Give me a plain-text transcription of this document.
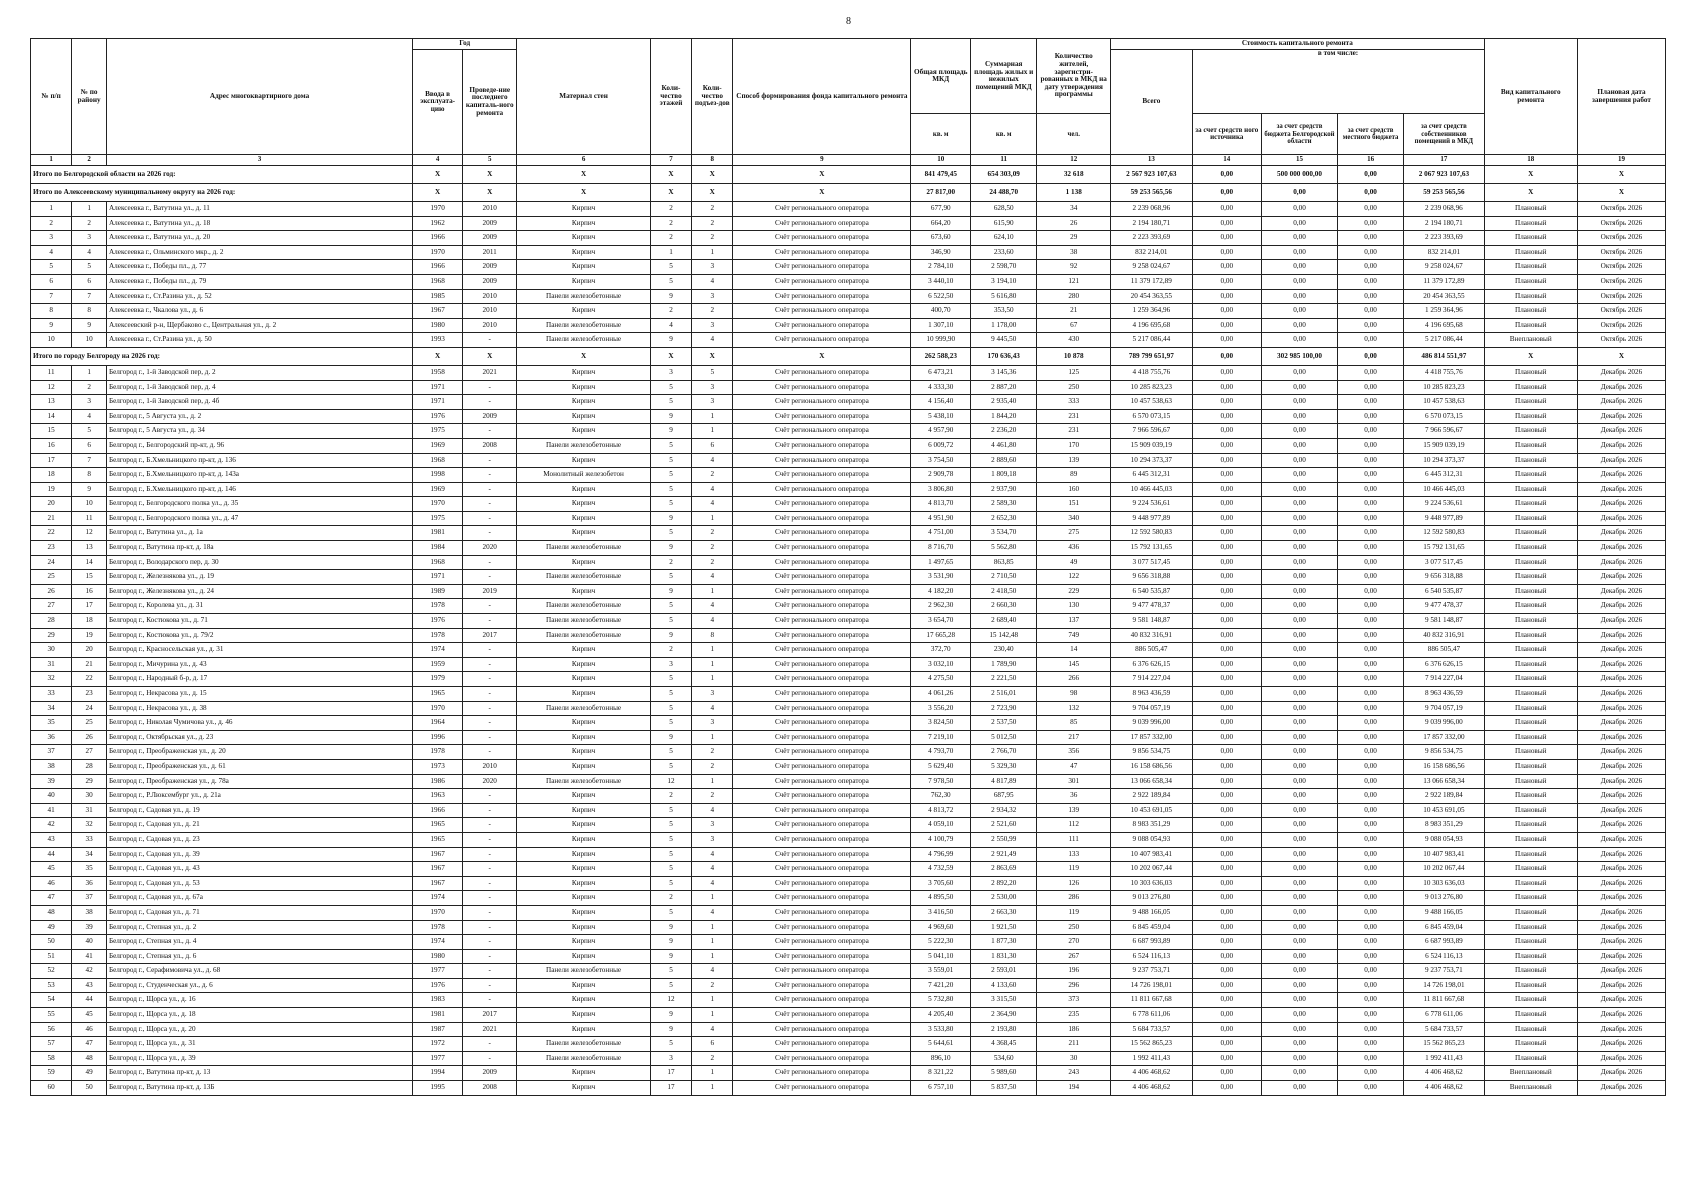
8
№ п/п	№ по району	Адрес многоквартирного дома	Год		Материал стен	Коли-чество этажей	Коли-чество подъез-дов	Способ формирования фонда капитального ремонта	Общая площадь МКД	Суммарная площадь жилых и нежилых помещений МКД	Количество жителей, зарегистри-рованных в МКД на дату утверждения программы	Стоимость капитального ремонта					Вид капитального ремонта	Плановая дата завершения работ
			Ввода в эксплуата-цию	Проведе-ние последнего капиталь-ного ремонта								Всего	в том числе:					
									кв. м	кв. м	чел.		за счет средств ного источника	за счет средств бюджета Белгородской области	за счет средств местного бюджета	за счет средств собственников помещений в МКД		
1	2	3	4	5	6	7	8	9	10	11	12	13	14	15	16	17	18	19
Итого по Белгородской области на 2026 год:			X	X	X	X	X	X	841 479,45	654 303,09	32 618	2 567 923 107,63	0,00	500 000 000,00	0,00	2 067 923 107,63	X	X
Итого по Алексеевскому муниципальному округу на 2026 год:			X	X	X	X	X	X	27 817,00	24 488,70	1 138	59 253 565,56	0,00	0,00	0,00	59 253 565,56	X	X
1	1	Алексеевка г., Ватутина ул., д. 11	1970	2010	Кирпич	2	2	Счёт регионального оператора	677,90	628,50	34	2 239 068,96	0,00	0,00	0,00	2 239 068,96	Плановый	Октябрь 2026
2	2	Алексеевка г., Ватутина ул., д. 18	1962	2009	Кирпич	2	2	Счёт регионального оператора	664,20	615,90	26	2 194 180,71	0,00	0,00	0,00	2 194 180,71	Плановый	Октябрь 2026
3	3	Алексеевка г., Ватутина ул., д. 20	1966	2009	Кирпич	2	2	Счёт регионального оператора	673,60	624,10	29	2 223 393,69	0,00	0,00	0,00	2 223 393,69	Плановый	Октябрь 2026
4	4	Алексеевка г., Ольминского мкр., д. 2	1970	2011	Кирпич	1	1	Счёт регионального оператора	346,90	233,60	38	832 214,01	0,00	0,00	0,00	832 214,01	Плановый	Октябрь 2026
5	5	Алексеевка г., Победы пл., д. 77	1966	2009	Кирпич	5	3	Счёт регионального оператора	2 784,10	2 598,70	92	9 258 024,67	0,00	0,00	0,00	9 258 024,67	Плановый	Октябрь 2026
6	6	Алексеевка г., Победы пл., д. 79	1968	2009	Кирпич	5	4	Счёт регионального оператора	3 440,10	3 194,10	121	11 379 172,89	0,00	0,00	0,00	11 379 172,89	Плановый	Октябрь 2026
7	7	Алексеевка г., Ст.Разина ул., д. 52	1985	2010	Панели железобетонные	9	3	Счёт регионального оператора	6 522,50	5 616,80	280	20 454 363,55	0,00	0,00	0,00	20 454 363,55	Плановый	Октябрь 2026
8	8	Алексеевка г., Чкалова ул., д. 6	1967	2010	Кирпич	2	2	Счёт регионального оператора	400,70	353,50	21	1 259 364,96	0,00	0,00	0,00	1 259 364,96	Плановый	Октябрь 2026
9	9	Алексеевский р-н, Щербаково с., Центральная ул., д. 2	1980	2010	Панели железобетонные	4	3	Счёт регионального оператора	1 307,10	1 178,00	67	4 196 695,68	0,00	0,00	0,00	4 196 695,68	Плановый	Октябрь 2026
10	10	Алексеевка г., Ст.Разина ул., д. 50	1993	-	Панели железобетонные	9	4	Счёт регионального оператора	10 999,90	9 445,50	430	5 217 086,44	0,00	0,00	0,00	5 217 086,44	Внеплановый	Октябрь 2026
Итого по городу Белгороду на 2026 год:			X	X	X	X	X	X	262 588,23	170 636,43	10 878	789 799 651,97	0,00	302 985 100,00	0,00	486 814 551,97	X	X
11	1	Белгород г., 1-й Заводской пер, д. 2	1958	2021	Кирпич	3	5	Счёт регионального оператора	6 473,21	3 145,36	125	4 418 755,76	0,00	0,00	0,00	4 418 755,76	Плановый	Декабрь 2026
12	2	Белгород г., 1-й Заводской пер, д. 4	1971	-	Кирпич	5	3	Счёт регионального оператора	4 333,30	2 887,20	250	10 285 823,23	0,00	0,00	0,00	10 285 823,23	Плановый	Декабрь 2026
13	3	Белгород г., 1-й Заводской пер, д. 4б	1971	-	Кирпич	5	3	Счёт регионального оператора	4 156,40	2 935,40	333	10 457 538,63	0,00	0,00	0,00	10 457 538,63	Плановый	Декабрь 2026
14	4	Белгород г., 5 Августа ул., д. 2	1976	2009	Кирпич	9	1	Счёт регионального оператора	5 438,10	1 844,20	231	6 570 073,15	0,00	0,00	0,00	6 570 073,15	Плановый	Декабрь 2026
15	5	Белгород г., 5 Августа ул., д. 34	1975	-	Кирпич	9	1	Счёт регионального оператора	4 957,90	2 236,20	231	7 966 596,67	0,00	0,00	0,00	7 966 596,67	Плановый	Декабрь 2026
16	6	Белгород г., Белгородский пр-кт, д. 96	1969	2008	Панели железобетонные	5	6	Счёт регионального оператора	6 009,72	4 461,80	170	15 909 039,19	0,00	0,00	0,00	15 909 039,19	Плановый	Декабрь 2026
17	7	Белгород г., Б.Хмельницкого пр-кт, д. 136	1968	-	Кирпич	5	4	Счёт регионального оператора	3 754,50	2 889,60	139	10 294 373,37	0,00	0,00	0,00	10 294 373,37	Плановый	Декабрь 2026
18	8	Белгород г., Б.Хмельницкого пр-кт, д. 143а	1998	-	Монолитный железобетон	5	2	Счёт регионального оператора	2 909,78	1 809,18	89	6 445 312,31	0,00	0,00	0,00	6 445 312,31	Плановый	Декабрь 2026
19	9	Белгород г., Б.Хмельницкого пр-кт, д. 146	1969	-	Кирпич	5	4	Счёт регионального оператора	3 806,80	2 937,90	160	10 466 445,03	0,00	0,00	0,00	10 466 445,03	Плановый	Декабрь 2026
20	10	Белгород г., Белгородского полка ул., д. 35	1970	-	Кирпич	5	4	Счёт регионального оператора	4 813,70	2 589,30	151	9 224 536,61	0,00	0,00	0,00	9 224 536,61	Плановый	Декабрь 2026
21	11	Белгород г., Белгородского полка ул., д. 47	1975	-	Кирпич	9	1	Счёт регионального оператора	4 951,90	2 652,30	340	9 448 977,89	0,00	0,00	0,00	9 448 977,89	Плановый	Декабрь 2026
22	12	Белгород г., Ватутина ул., д. 1а	1981	-	Кирпич	5	2	Счёт регионального оператора	4 751,00	3 534,70	275	12 592 580,83	0,00	0,00	0,00	12 592 580,83	Плановый	Декабрь 2026
23	13	Белгород г., Ватутина пр-кт, д. 18а	1984	2020	Панели железобетонные	9	2	Счёт регионального оператора	8 716,70	5 562,80	436	15 792 131,65	0,00	0,00	0,00	15 792 131,65	Плановый	Декабрь 2026
24	14	Белгород г., Володарского пер, д. 30	1968	-	Кирпич	2	2	Счёт регионального оператора	1 497,65	863,85	49	3 077 517,45	0,00	0,00	0,00	3 077 517,45	Плановый	Декабрь 2026
25	15	Белгород г., Железнякова ул., д. 19	1971	-	Панели железобетонные	5	4	Счёт регионального оператора	3 531,90	2 710,50	122	9 656 318,88	0,00	0,00	0,00	9 656 318,88	Плановый	Декабрь 2026
26	16	Белгород г., Железнякова ул., д. 24	1989	2019	Кирпич	9	1	Счёт регионального оператора	4 182,20	2 418,50	229	6 540 535,87	0,00	0,00	0,00	6 540 535,87	Плановый	Декабрь 2026
27	17	Белгород г., Королева ул., д. 31	1978	-	Панели железобетонные	5	4	Счёт регионального оператора	2 962,30	2 660,30	130	9 477 478,37	0,00	0,00	0,00	9 477 478,37	Плановый	Декабрь 2026
28	18	Белгород г., Костюкова ул., д. 71	1976	-	Панели железобетонные	5	4	Счёт регионального оператора	3 654,70	2 689,40	137	9 581 148,87	0,00	0,00	0,00	9 581 148,87	Плановый	Декабрь 2026
29	19	Белгород г., Костюкова ул., д. 79/2	1978	2017	Панели железобетонные	9	8	Счёт регионального оператора	17 665,28	15 142,48	749	40 832 316,91	0,00	0,00	0,00	40 832 316,91	Плановый	Декабрь 2026
30	20	Белгород г., Красносельская ул., д. 31	1974	-	Кирпич	2	1	Счёт регионального оператора	372,70	230,40	14	886 505,47	0,00	0,00	0,00	886 505,47	Плановый	Декабрь 2026
31	21	Белгород г., Мичурина ул., д. 43	1959	-	Кирпич	3	1	Счёт регионального оператора	3 032,10	1 789,90	145	6 376 626,15	0,00	0,00	0,00	6 376 626,15	Плановый	Декабрь 2026
32	22	Белгород г., Народный б-р, д. 17	1979	-	Кирпич	5	1	Счёт регионального оператора	4 275,50	2 221,50	266	7 914 227,04	0,00	0,00	0,00	7 914 227,04	Плановый	Декабрь 2026
33	23	Белгород г., Некрасова ул., д. 15	1965	-	Кирпич	5	3	Счёт регионального оператора	4 061,26	2 516,01	98	8 963 436,59	0,00	0,00	0,00	8 963 436,59	Плановый	Декабрь 2026
34	24	Белгород г., Некрасова ул., д. 38	1970	-	Панели железобетонные	5	4	Счёт регионального оператора	3 556,20	2 723,90	132	9 704 057,19	0,00	0,00	0,00	9 704 057,19	Плановый	Декабрь 2026
35	25	Белгород г., Николая Чумичова ул., д. 46	1964	-	Кирпич	5	3	Счёт регионального оператора	3 824,50	2 537,50	85	9 039 996,00	0,00	0,00	0,00	9 039 996,00	Плановый	Декабрь 2026
36	26	Белгород г., Октябрьская ул., д. 23	1996	-	Кирпич	9	1	Счёт регионального оператора	7 219,10	5 012,50	217	17 857 332,00	0,00	0,00	0,00	17 857 332,00	Плановый	Декабрь 2026
37	27	Белгород г., Преображенская ул., д. 20	1978	-	Кирпич	5	2	Счёт регионального оператора	4 793,70	2 766,70	356	9 856 534,75	0,00	0,00	0,00	9 856 534,75	Плановый	Декабрь 2026
38	28	Белгород г., Преображенская ул., д. 61	1973	2010	Кирпич	5	2	Счёт регионального оператора	5 629,40	5 329,30	47	16 158 686,56	0,00	0,00	0,00	16 158 686,56	Плановый	Декабрь 2026
39	29	Белгород г., Преображенская ул., д. 78а	1986	2020	Панели железобетонные	12	1	Счёт регионального оператора	7 978,50	4 817,89	301	13 066 658,34	0,00	0,00	0,00	13 066 658,34	Плановый	Декабрь 2026
40	30	Белгород г., Р.Люксембург ул., д. 21а	1963	-	Кирпич	2	2	Счёт регионального оператора	762,30	687,95	36	2 922 189,84	0,00	0,00	0,00	2 922 189,84	Плановый	Декабрь 2026
41	31	Белгород г., Садовая ул., д. 19	1966	-	Кирпич	5	4	Счёт регионального оператора	4 813,72	2 934,32	139	10 453 691,05	0,00	0,00	0,00	10 453 691,05	Плановый	Декабрь 2026
42	32	Белгород г., Садовая ул., д. 21	1965	-	Кирпич	5	3	Счёт регионального оператора	4 059,10	2 521,60	112	8 983 351,29	0,00	0,00	0,00	8 983 351,29	Плановый	Декабрь 2026
43	33	Белгород г., Садовая ул., д. 23	1965	-	Кирпич	5	3	Счёт регионального оператора	4 100,79	2 550,99	111	9 088 054,93	0,00	0,00	0,00	9 088 054,93	Плановый	Декабрь 2026
44	34	Белгород г., Садовая ул., д. 39	1967	-	Кирпич	5	4	Счёт регионального оператора	4 796,99	2 921,49	133	10 407 983,41	0,00	0,00	0,00	10 407 983,41	Плановый	Декабрь 2026
45	35	Белгород г., Садовая ул., д. 43	1967	-	Кирпич	5	4	Счёт регионального оператора	4 732,59	2 863,69	119	10 202 067,44	0,00	0,00	0,00	10 202 067,44	Плановый	Декабрь 2026
46	36	Белгород г., Садовая ул., д. 53	1967	-	Кирпич	5	4	Счёт регионального оператора	3 705,60	2 892,20	126	10 303 636,03	0,00	0,00	0,00	10 303 636,03	Плановый	Декабрь 2026
47	37	Белгород г., Садовая ул., д. 67а	1974	-	Кирпич	2	1	Счёт регионального оператора	4 895,50	2 530,00	286	9 013 276,80	0,00	0,00	0,00	9 013 276,80	Плановый	Декабрь 2026
48	38	Белгород г., Садовая ул., д. 71	1970	-	Кирпич	5	4	Счёт регионального оператора	3 416,50	2 663,30	119	9 488 166,05	0,00	0,00	0,00	9 488 166,05	Плановый	Декабрь 2026
49	39	Белгород г., Степная ул., д. 2	1978	-	Кирпич	9	1	Счёт регионального оператора	4 969,60	1 921,50	250	6 845 459,04	0,00	0,00	0,00	6 845 459,04	Плановый	Декабрь 2026
50	40	Белгород г., Степная ул., д. 4	1974	-	Кирпич	9	1	Счёт регионального оператора	5 222,30	1 877,30	270	6 687 993,89	0,00	0,00	0,00	6 687 993,89	Плановый	Декабрь 2026
51	41	Белгород г., Степная ул., д. 6	1980	-	Кирпич	9	1	Счёт регионального оператора	5 041,10	1 831,30	267	6 524 116,13	0,00	0,00	0,00	6 524 116,13	Плановый	Декабрь 2026
52	42	Белгород г., Серафимовича ул., д. 68	1977	-	Панели железобетонные	5	4	Счёт регионального оператора	3 559,01	2 593,01	196	9 237 753,71	0,00	0,00	0,00	9 237 753,71	Плановый	Декабрь 2026
53	43	Белгород г., Студенческая ул., д. 6	1976	-	Кирпич	5	2	Счёт регионального оператора	7 421,20	4 133,60	296	14 726 198,01	0,00	0,00	0,00	14 726 198,01	Плановый	Декабрь 2026
54	44	Белгород г., Щорса ул., д. 16	1983	-	Кирпич	12	1	Счёт регионального оператора	5 732,80	3 315,50	373	11 811 667,68	0,00	0,00	0,00	11 811 667,68	Плановый	Декабрь 2026
55	45	Белгород г., Щорса ул., д. 18	1981	2017	Кирпич	9	1	Счёт регионального оператора	4 205,40	2 364,90	235	6 778 611,06	0,00	0,00	0,00	6 778 611,06	Плановый	Декабрь 2026
56	46	Белгород г., Щорса ул., д. 20	1987	2021	Кирпич	9	4	Счёт регионального оператора	3 533,80	2 193,80	186	5 684 733,57	0,00	0,00	0,00	5 684 733,57	Плановый	Декабрь 2026
57	47	Белгород г., Щорса ул., д. 31	1972	-	Панели железобетонные	5	6	Счёт регионального оператора	5 644,61	4 368,45	211	15 562 865,23	0,00	0,00	0,00	15 562 865,23	Плановый	Декабрь 2026
58	48	Белгород г., Щорса ул., д. 39	1977	-	Панели железобетонные	3	2	Счёт регионального оператора	896,10	534,60	30	1 992 411,43	0,00	0,00	0,00	1 992 411,43	Плановый	Декабрь 2026
59	49	Белгород г., Ватутина пр-кт, д. 13	1994	2009	Кирпич	17	1	Счёт регионального оператора	8 321,22	5 989,60	243	4 406 468,62	0,00	0,00	0,00	4 406 468,62	Внеплановый	Декабрь 2026
60	50	Белгород г., Ватутина пр-кт, д. 13Б	1995	2008	Кирпич	17	1	Счёт регионального оператора	6 757,10	5 837,50	194	4 406 468,62	0,00	0,00	0,00	4 406 468,62	Внеплановый	Декабрь 2026
